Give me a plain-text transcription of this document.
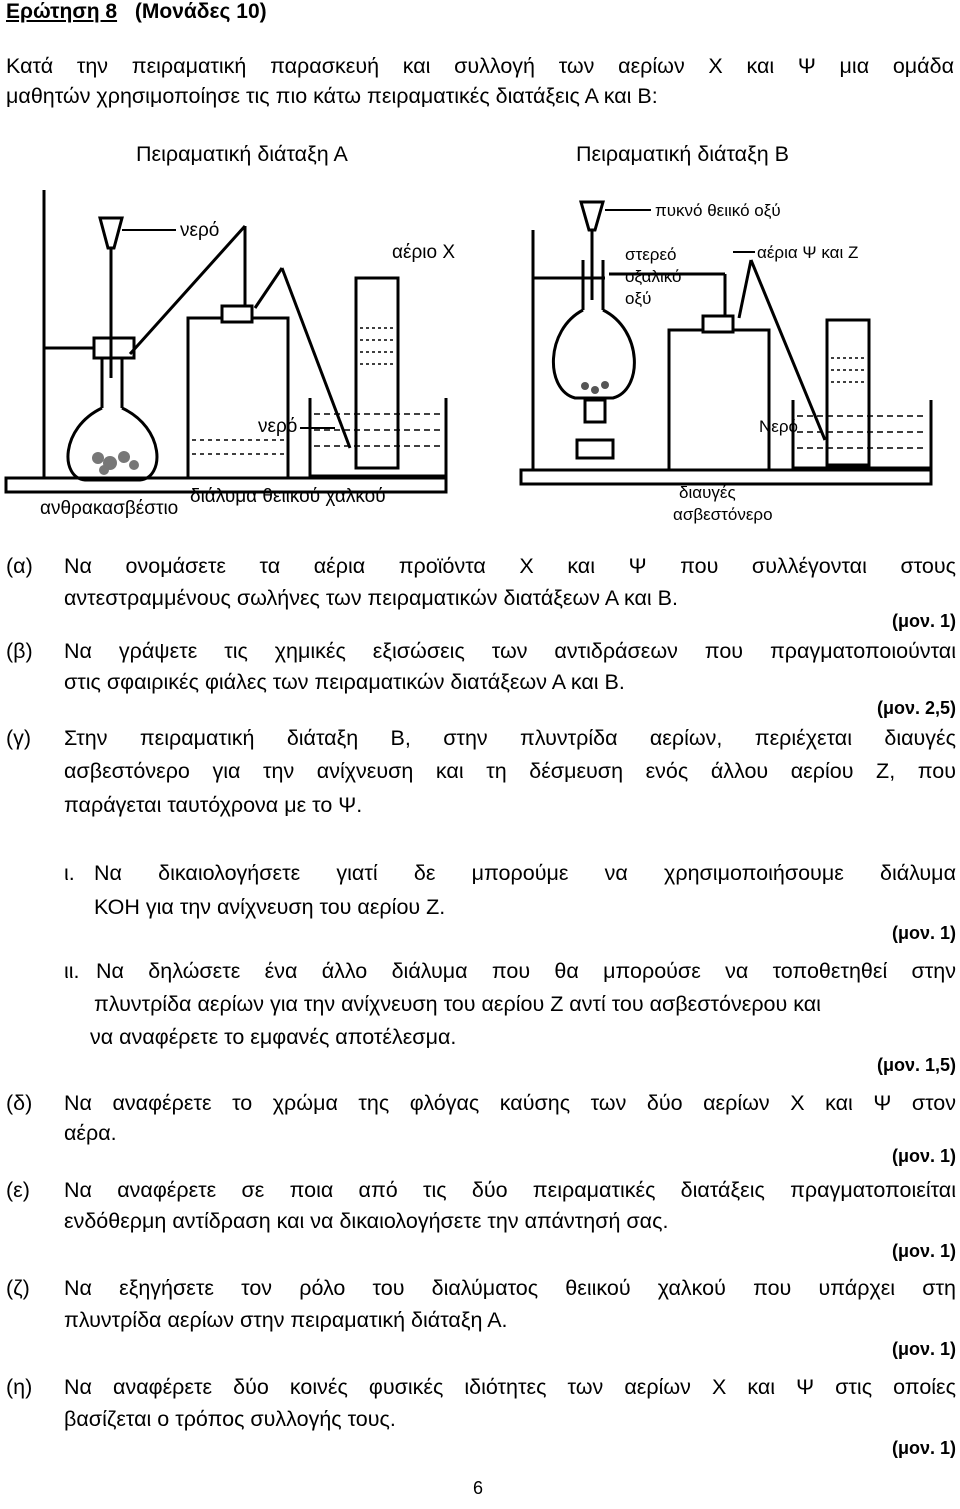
Ερώτηση 8 (Μονάδες 10)
Κατά την πειραματική παρασκευή και συλλογή των αερίων Χ και Ψ μια ομάδα
μαθητών χρησιμοποίησε τις πιο κάτω πειραματικές διατάξεις Α και Β:
Πειραματική διάταξη Α	Πειραματική διάταξη Β
νερό
αέριο Χ
νερό
ανθρακασβέστιο
διάλυμα θειικού χαλκού
πυκνό θειικό οξύ
στερεό
οξαλικό
οξύ
αέρια Ψ και Ζ
Νερό
διαυγές
ασβεστόνερο
(α) Να ονομάσετε τα αέρια προϊόντα Χ και Ψ που συλλέγονται στους
αντεστραμμένους σωλήνες των πειραματικών διατάξεων Α και Β.
(μον. 1)
(β) Να γράψετε τις χημικές εξισώσεις των αντιδράσεων που πραγματοποιούνται
στις σφαιρικές φιάλες των πειραματικών διατάξεων Α και Β.
(μον. 2,5)
(γ) Στην πειραματική διάταξη Β, στην πλυντρίδα αερίων, περιέχεται διαυγές
ασβεστόνερο για την ανίχνευση και τη δέσμευση ενός άλλου αερίου Ζ, που
παράγεται ταυτόχρονα με το Ψ.
ι. Να δικαιολογήσετε γιατί δε μπορούμε να χρησιμοποιήσουμε διάλυμα
ΚΟΗ για την ανίχνευση του αερίου Ζ.
(μον. 1)
ιι. Να δηλώσετε ένα άλλο διάλυμα που θα μπορούσε να τοποθετηθεί στην
πλυντρίδα αερίων για την ανίχνευση του αερίου Ζ αντί του ασβεστόνερου και
να αναφέρετε το εμφανές αποτέλεσμα.
(μον. 1,5)
(δ) Να αναφέρετε το χρώμα της φλόγας καύσης των δύο αερίων Χ και Ψ στον
αέρα.
(μον. 1)
(ε) Να αναφέρετε σε ποια από τις δύο πειραματικές διατάξεις πραγματοποιείται
ενδόθερμη αντίδραση και να δικαιολογήσετε την απάντησή σας.
(μον. 1)
(ζ) Να εξηγήσετε τον ρόλο του διαλύματος θειικού χαλκού που υπάρχει στη
πλυντρίδα αερίων στην πειραματική διάταξη Α.
(μον. 1)
(η) Να αναφέρετε δύο κοινές φυσικές ιδιότητες των αερίων Χ και Ψ στις οποίες
βασίζεται ο τρόπος συλλογής τους.
(μον. 1)
6
